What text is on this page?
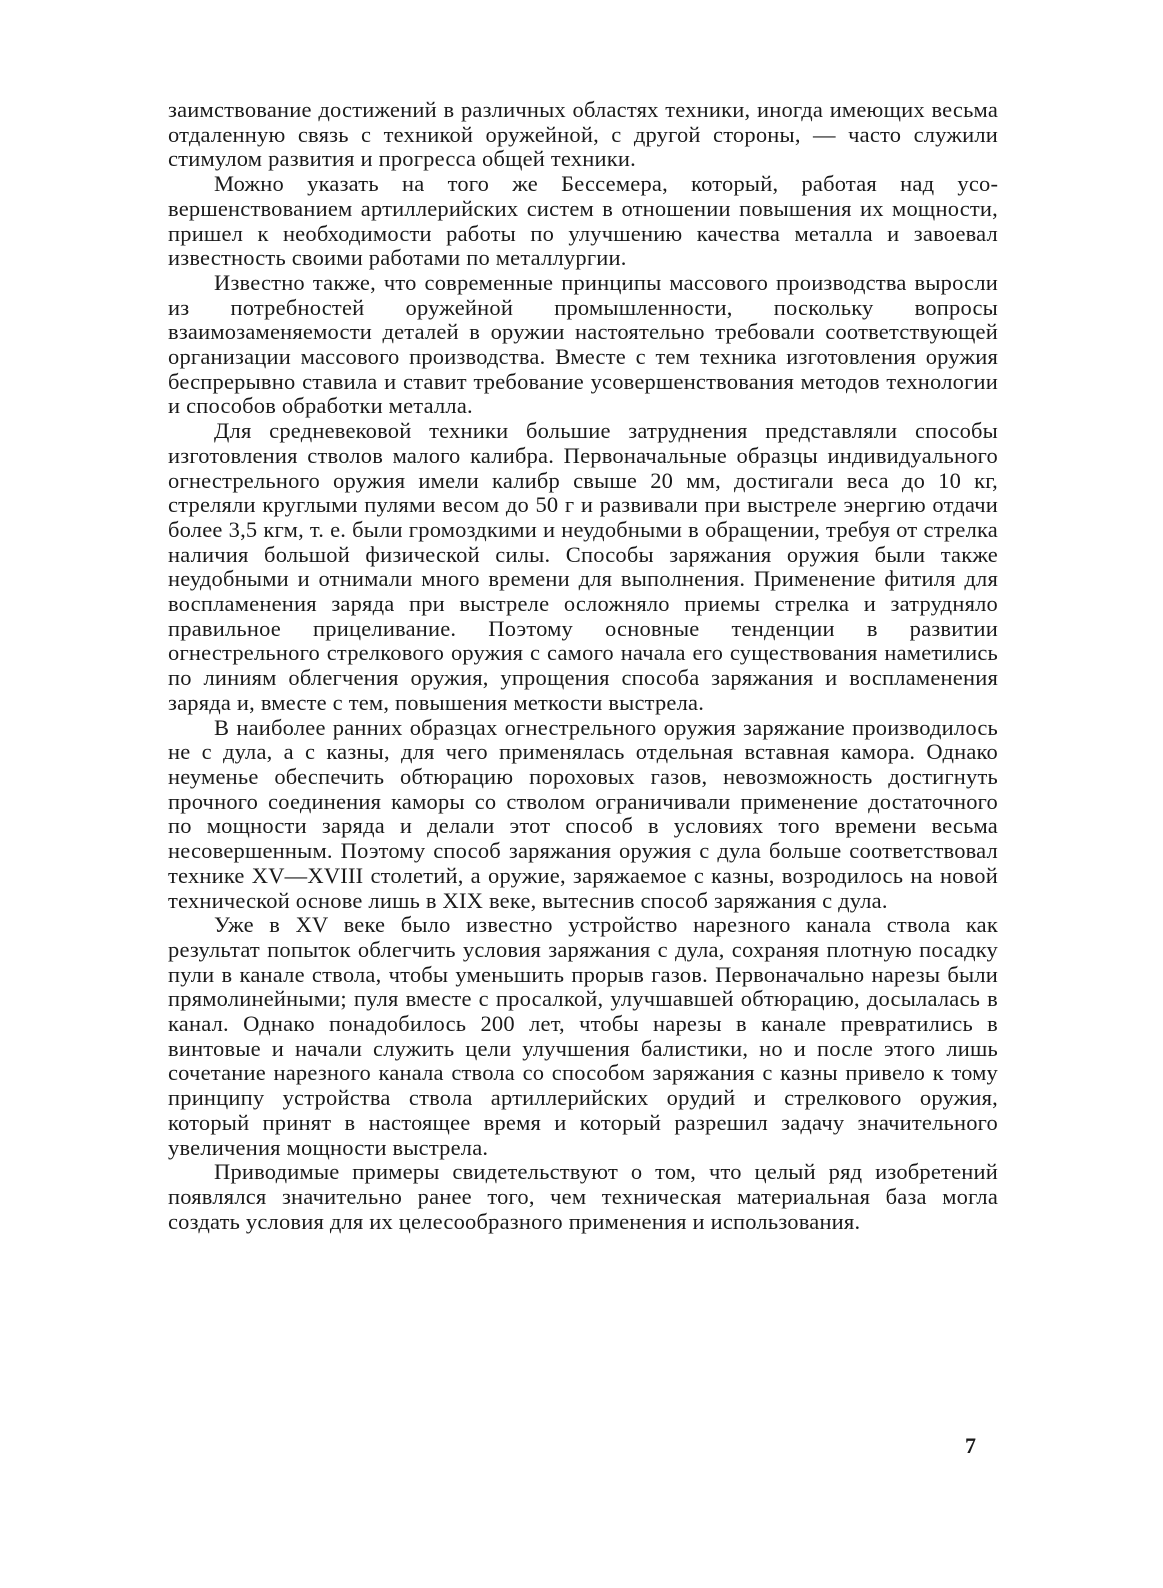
заимствование достижений в различных областях техники, иногда имеющих весьма отдаленную связь с техникой оружейной, с другой стороны, — часто служили стимулом развития и прогресса общей техники.

Можно указать на того же Бессемера, который, работая над усовершенствованием артиллерийских систем в отношении повышения их мощности, пришел к необходимости работы по улучшению качества металла и завоевал известность своими работами по металлургии.

Известно также, что современные принципы массового производства выросли из потребностей оружейной промышленности, поскольку вопросы взаимозаменяемости деталей в оружии настоятельно требовали соответствующей организации массового производства. Вместе с тем техника изготовления оружия беспрерывно ставила и ставит требование усовершенствования методов технологии и способов обработки металла.

Для средневековой техники большие затруднения представляли способы изготовления стволов малого калибра. Первоначальные образцы индивидуального огнестрельного оружия имели калибр свыше 20 мм, достигали веса до 10 кг, стреляли круглыми пулями весом до 50 г и развивали при выстреле энергию отдачи более 3,5 кгм, т. е. были громоздкими и неудобными в обращении, требуя от стрелка наличия большой физической силы. Способы заряжания оружия были также неудобными и отнимали много времени для выполнения. Применение фитиля для воспламенения заряда при выстреле осложняло приемы стрелка и затрудняло правильное прицеливание. Поэтому основные тенденции в развитии огнестрельного стрелкового оружия с самого начала его существования наметились по линиям облегчения оружия, упрощения способа заряжания и воспламенения заряда и, вместе с тем, повышения меткости выстрела.

В наиболее ранних образцах огнестрельного оружия заряжание производилось не с дула, а с казны, для чего применялась отдельная вставная камора. Однако неуменье обеспечить обтюрацию пороховых газов, невозможность достигнуть прочного соединения каморы со стволом ограничивали применение достаточного по мощности заряда и делали этот способ в условиях того времени весьма несовершенным. Поэтому способ заряжания оружия с дула больше соответствовал технике XV—XVIII столетий, а оружие, заряжаемое с казны, возродилось на новой технической основе лишь в XIX веке, вытеснив способ заряжания с дула.

Уже в XV веке было известно устройство нарезного канала ствола как результат попыток облегчить условия заряжания с дула, сохраняя плотную посадку пули в канале ствола, чтобы уменьшить прорыв газов. Первоначально нарезы были прямолинейными; пуля вместе с просалкой, улучшавшей обтюрацию, досылалась в канал. Однако понадобилось 200 лет, чтобы нарезы в канале превратились в винтовые и начали служить цели улучшения балистики, но и после этого лишь сочетание нарезного канала ствола со способом заряжания с казны привело к тому принципу устройства ствола артиллерийских орудий и стрелкового оружия, который принят в настоящее время и который разрешил задачу значительного увеличения мощности выстрела.

Приводимые примеры свидетельствуют о том, что целый ряд изобретений появлялся значительно ранее того, чем техническая материальная база могла создать условия для их целесообразного применения и использования.

7
